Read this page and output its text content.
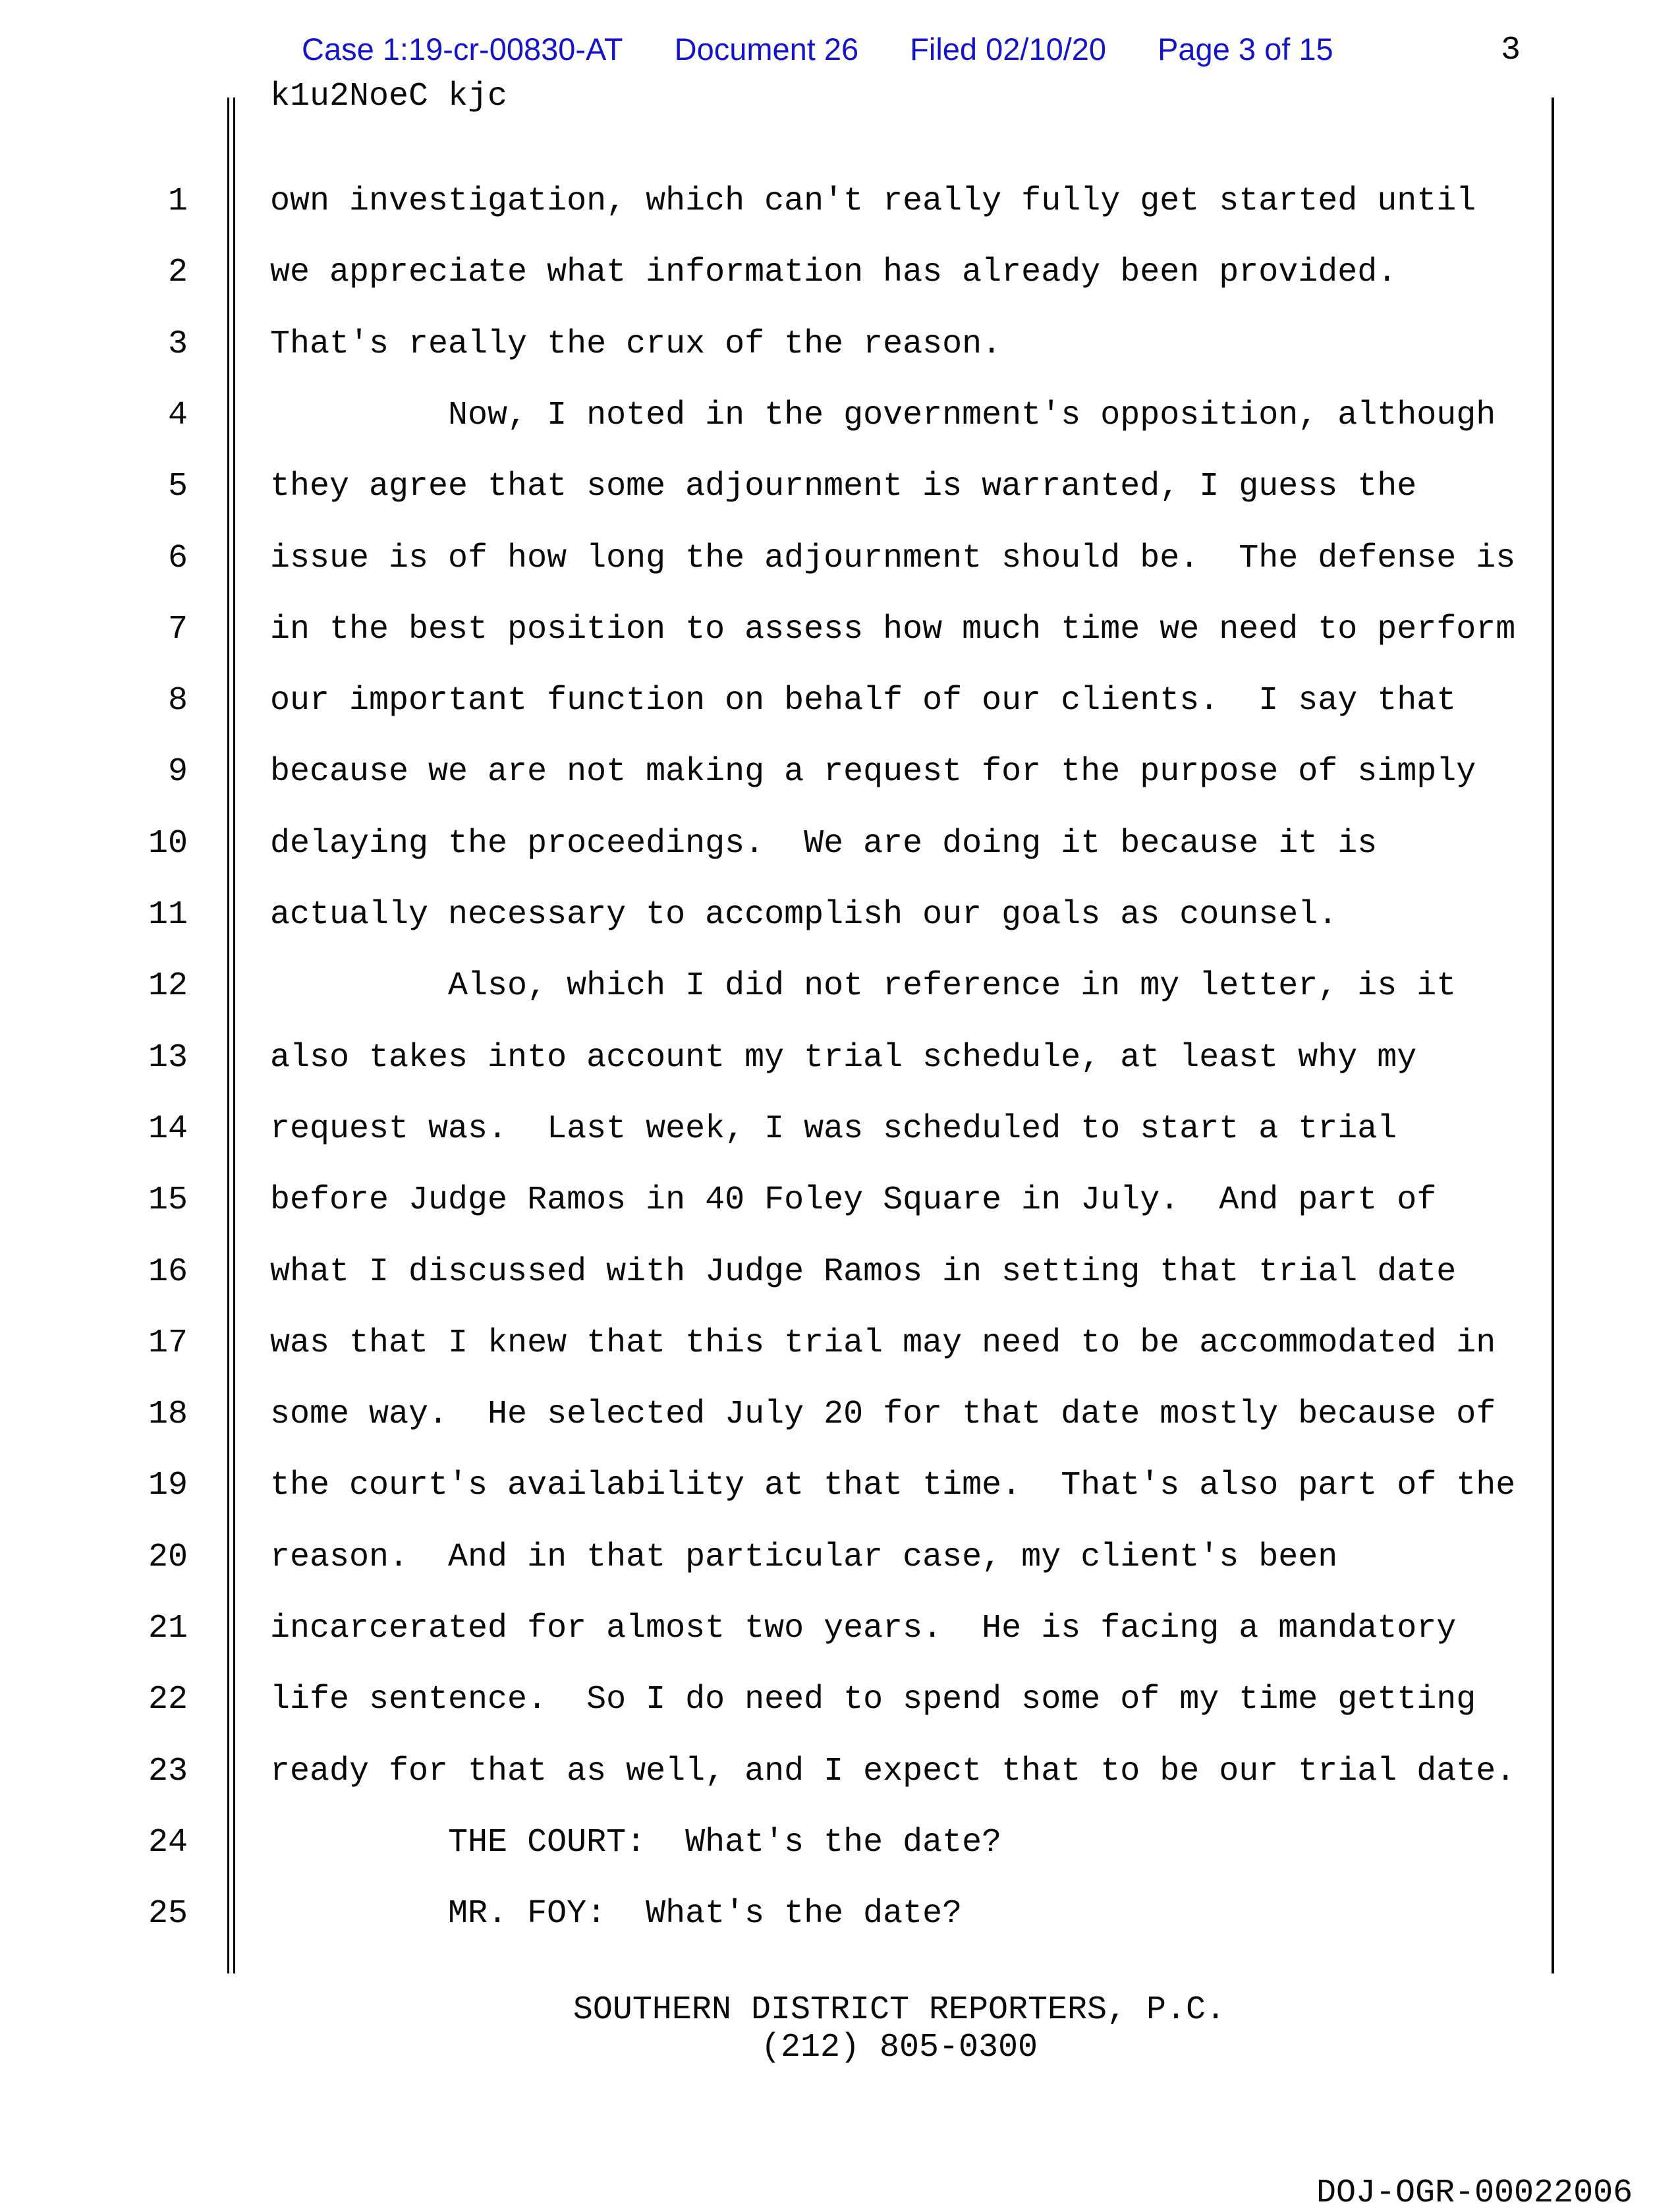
Case 1:19-cr-00830-AT Document 26 Filed 02/10/20 Page 3 of 15	3
k1u2NoeC kjc
1	own investigation, which can't really fully get started until
2	we appreciate what information has already been provided.
3	That's really the crux of the reason.
4	Now, I noted in the government's opposition, although
5	they agree that some adjournment is warranted, I guess the
6	issue is of how long the adjournment should be.  The defense is
7	in the best position to assess how much time we need to perform
8	our important function on behalf of our clients.  I say that
9	because we are not making a request for the purpose of simply
10	delaying the proceedings.  We are doing it because it is
11	actually necessary to accomplish our goals as counsel.
12	Also, which I did not reference in my letter, is it
13	also takes into account my trial schedule, at least why my
14	request was.  Last week, I was scheduled to start a trial
15	before Judge Ramos in 40 Foley Square in July.  And part of
16	what I discussed with Judge Ramos in setting that trial date
17	was that I knew that this trial may need to be accommodated in
18	some way.  He selected July 20 for that date mostly because of
19	the court's availability at that time.  That's also part of the
20	reason.  And in that particular case, my client's been
21	incarcerated for almost two years.  He is facing a mandatory
22	life sentence.  So I do need to spend some of my time getting
23	ready for that as well, and I expect that to be our trial date.
24	THE COURT:  What's the date?
25	MR. FOY:  What's the date?
SOUTHERN DISTRICT REPORTERS, P.C.
(212) 805-0300
DOJ-OGR-00022006
